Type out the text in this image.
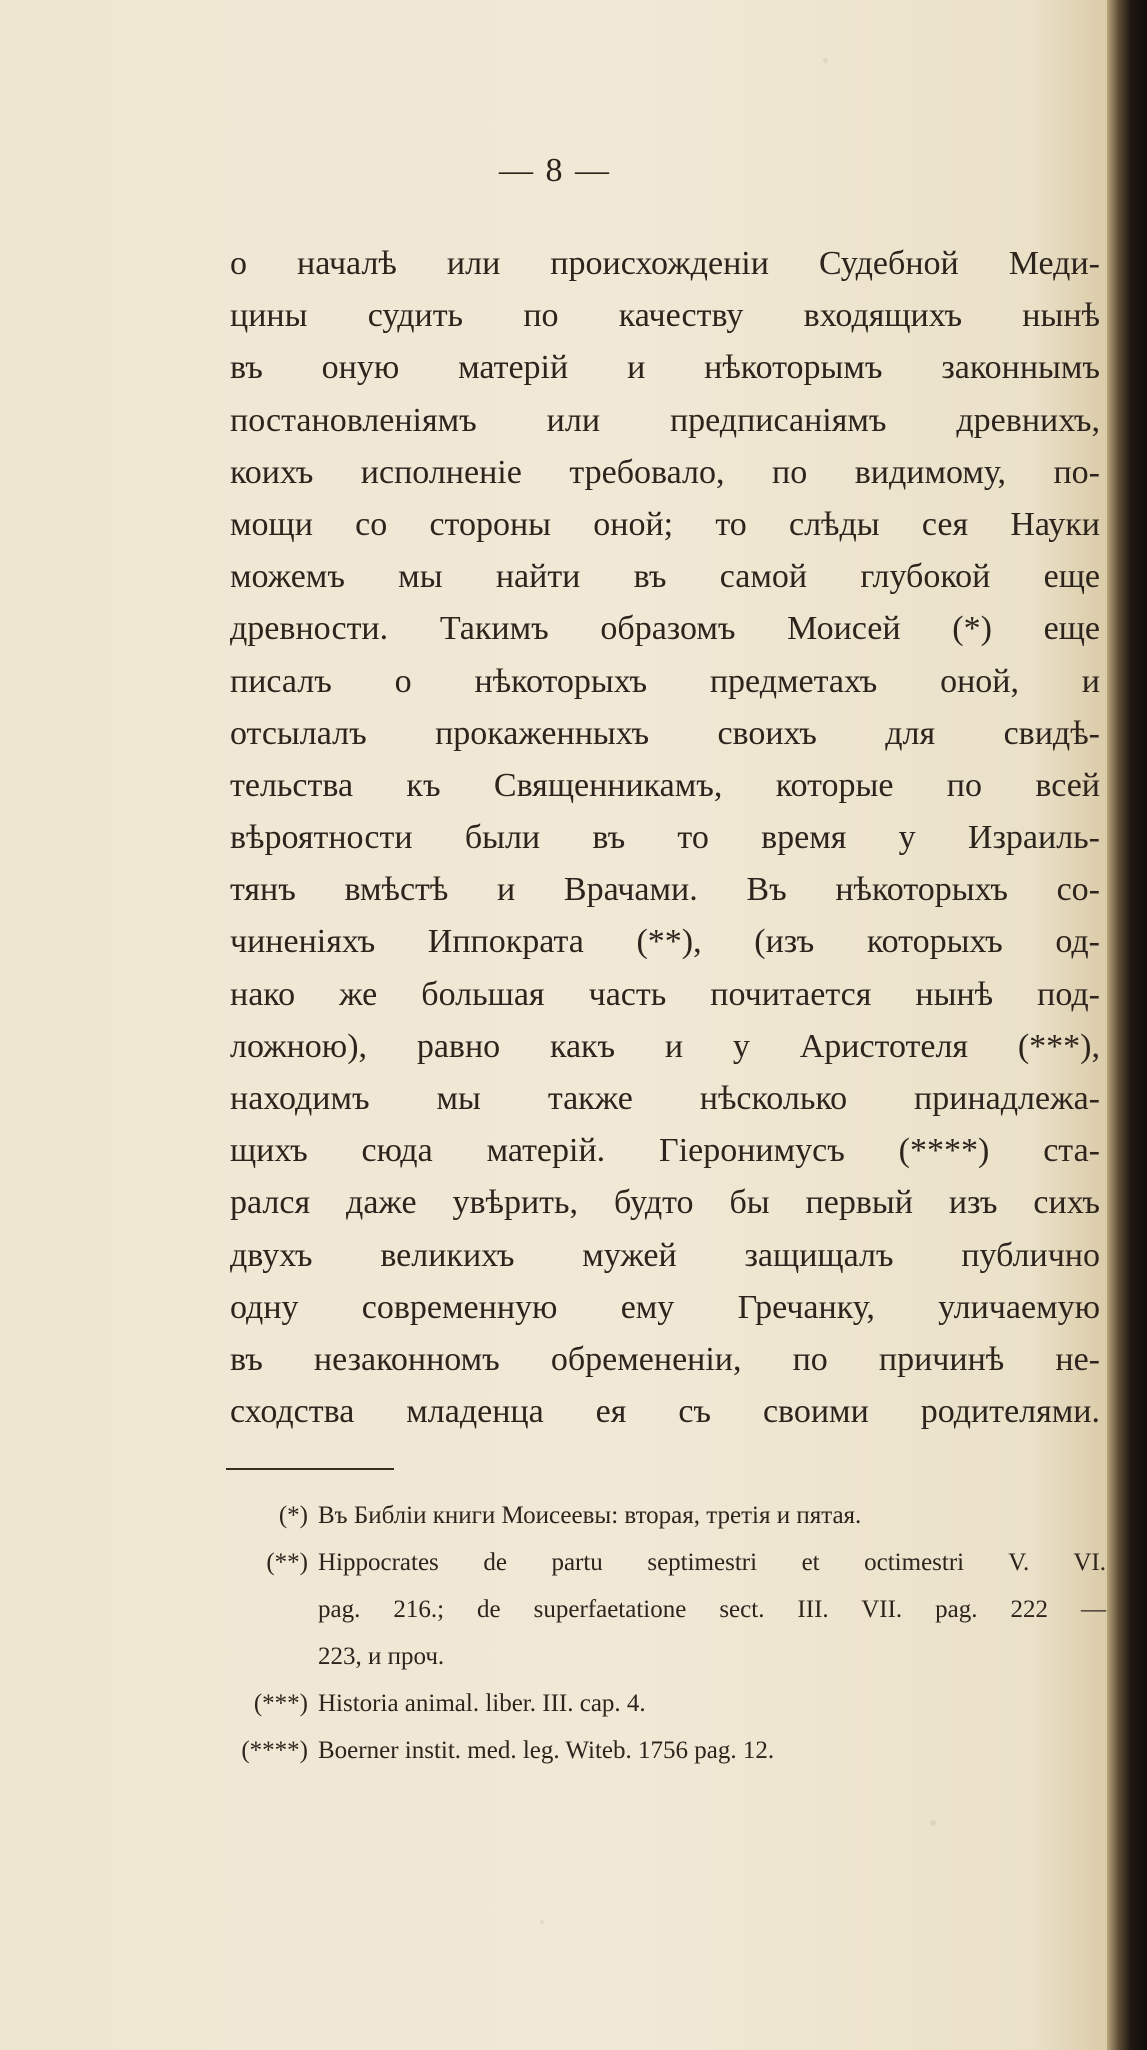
— 8 —
о началѣ или происхожденіи Судебной Меди-
цины судить по качеству входящихъ нынѣ
въ оную матерій и нѣкоторымъ законнымъ
постановленіямъ или предписаніямъ древнихъ,
коихъ исполненіе требовало, по видимому, по-
мощи со стороны оной; то слѣды сея Науки
можемъ мы найти въ самой глубокой еще
древности. Такимъ образомъ Моисей (*) еще
писалъ о нѣкоторыхъ предметахъ оной, и
отсылалъ прокаженныхъ своихъ для свидѣ-
тельства къ Священникамъ, которые по всей
вѣроятности были въ то время у Израиль-
тянъ вмѣстѣ и Врачами. Въ нѣкоторыхъ со-
чиненіяхъ Иппократа (**), (изъ которыхъ од-
нако же большая часть почитается нынѣ под-
ложною), равно какъ и у Аристотеля (***),
находимъ мы также нѣсколько принадлежа-
щихъ сюда матерій. Гіеронимусъ (****) ста-
рался даже увѣрить, будто бы первый изъ сихъ
двухъ великихъ мужей защищалъ публично
одну современную ему Гречанку, уличаемую
въ незаконномъ обремененіи, по причинѣ не-
сходства младенца ея съ своими родителями.
(*) Въ Библіи книги Моисеевы: вторая, третія и пятая.
(**) Hippocrates de partu septimestri et octimestri V. VI.
pag. 216.; de superfaetatione sect. III. VII. pag. 222 —
223, и проч.
(***) Historia animal. liber. III. cap. 4.
(****) Boerner instit. med. leg. Witeb. 1756 pag. 12.
